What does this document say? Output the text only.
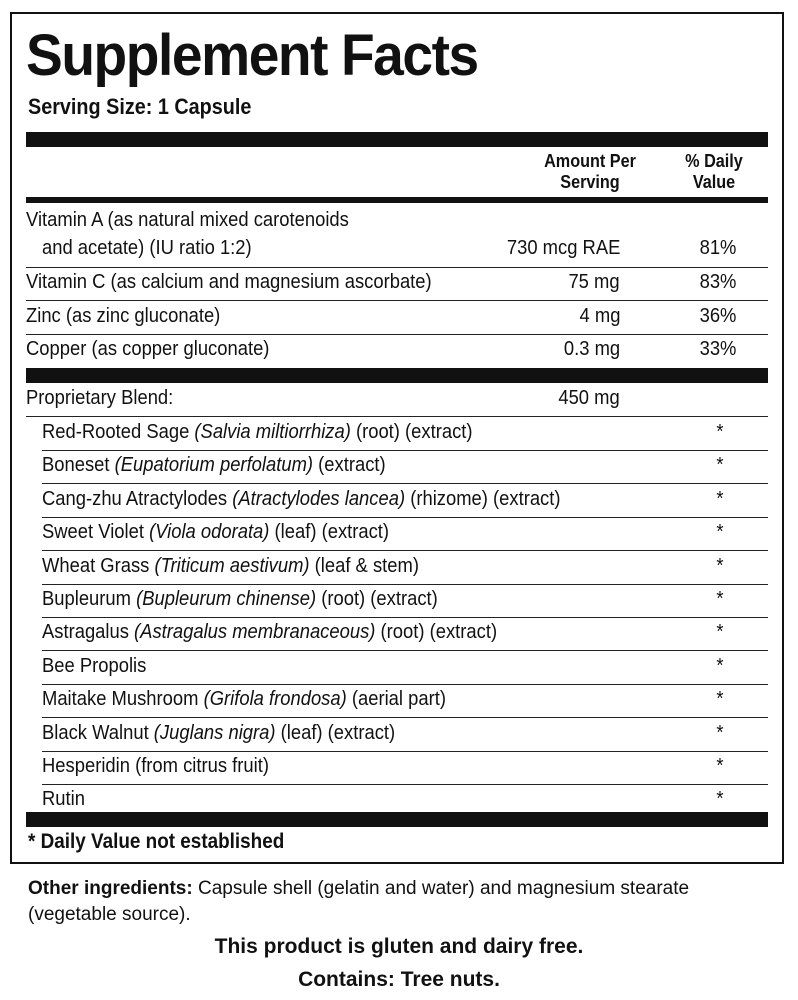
Supplement Facts
Serving Size: 1 Capsule
Amount Per
Serving
% Daily
Value
Vitamin A (as natural mixed carotenoids
and acetate) (IU ratio 1:2)	730 mcg RAE	81%
Vitamin C (as calcium and magnesium ascorbate)	75 mg	83%
Zinc (as zinc gluconate)	4 mg	36%
Copper (as copper gluconate)	0.3 mg	33%
Proprietary Blend:	450 mg
Red-Rooted Sage (Salvia miltiorrhiza) (root) (extract)	*
Boneset (Eupatorium perfolatum) (extract)	*
Cang-zhu Atractylodes (Atractylodes lancea) (rhizome) (extract)	*
Sweet Violet (Viola odorata) (leaf) (extract)	*
Wheat Grass (Triticum aestivum) (leaf & stem)	*
Bupleurum (Bupleurum chinense) (root) (extract)	*
Astragalus (Astragalus membranaceous) (root) (extract)	*
Bee Propolis	*
Maitake Mushroom (Grifola frondosa) (aerial part)	*
Black Walnut (Juglans nigra) (leaf) (extract)	*
Hesperidin (from citrus fruit)	*
Rutin	*
* Daily Value not established
Other ingredients: Capsule shell (gelatin and water) and magnesium stearate (vegetable source).
This product is gluten and dairy free.
Contains: Tree nuts.
